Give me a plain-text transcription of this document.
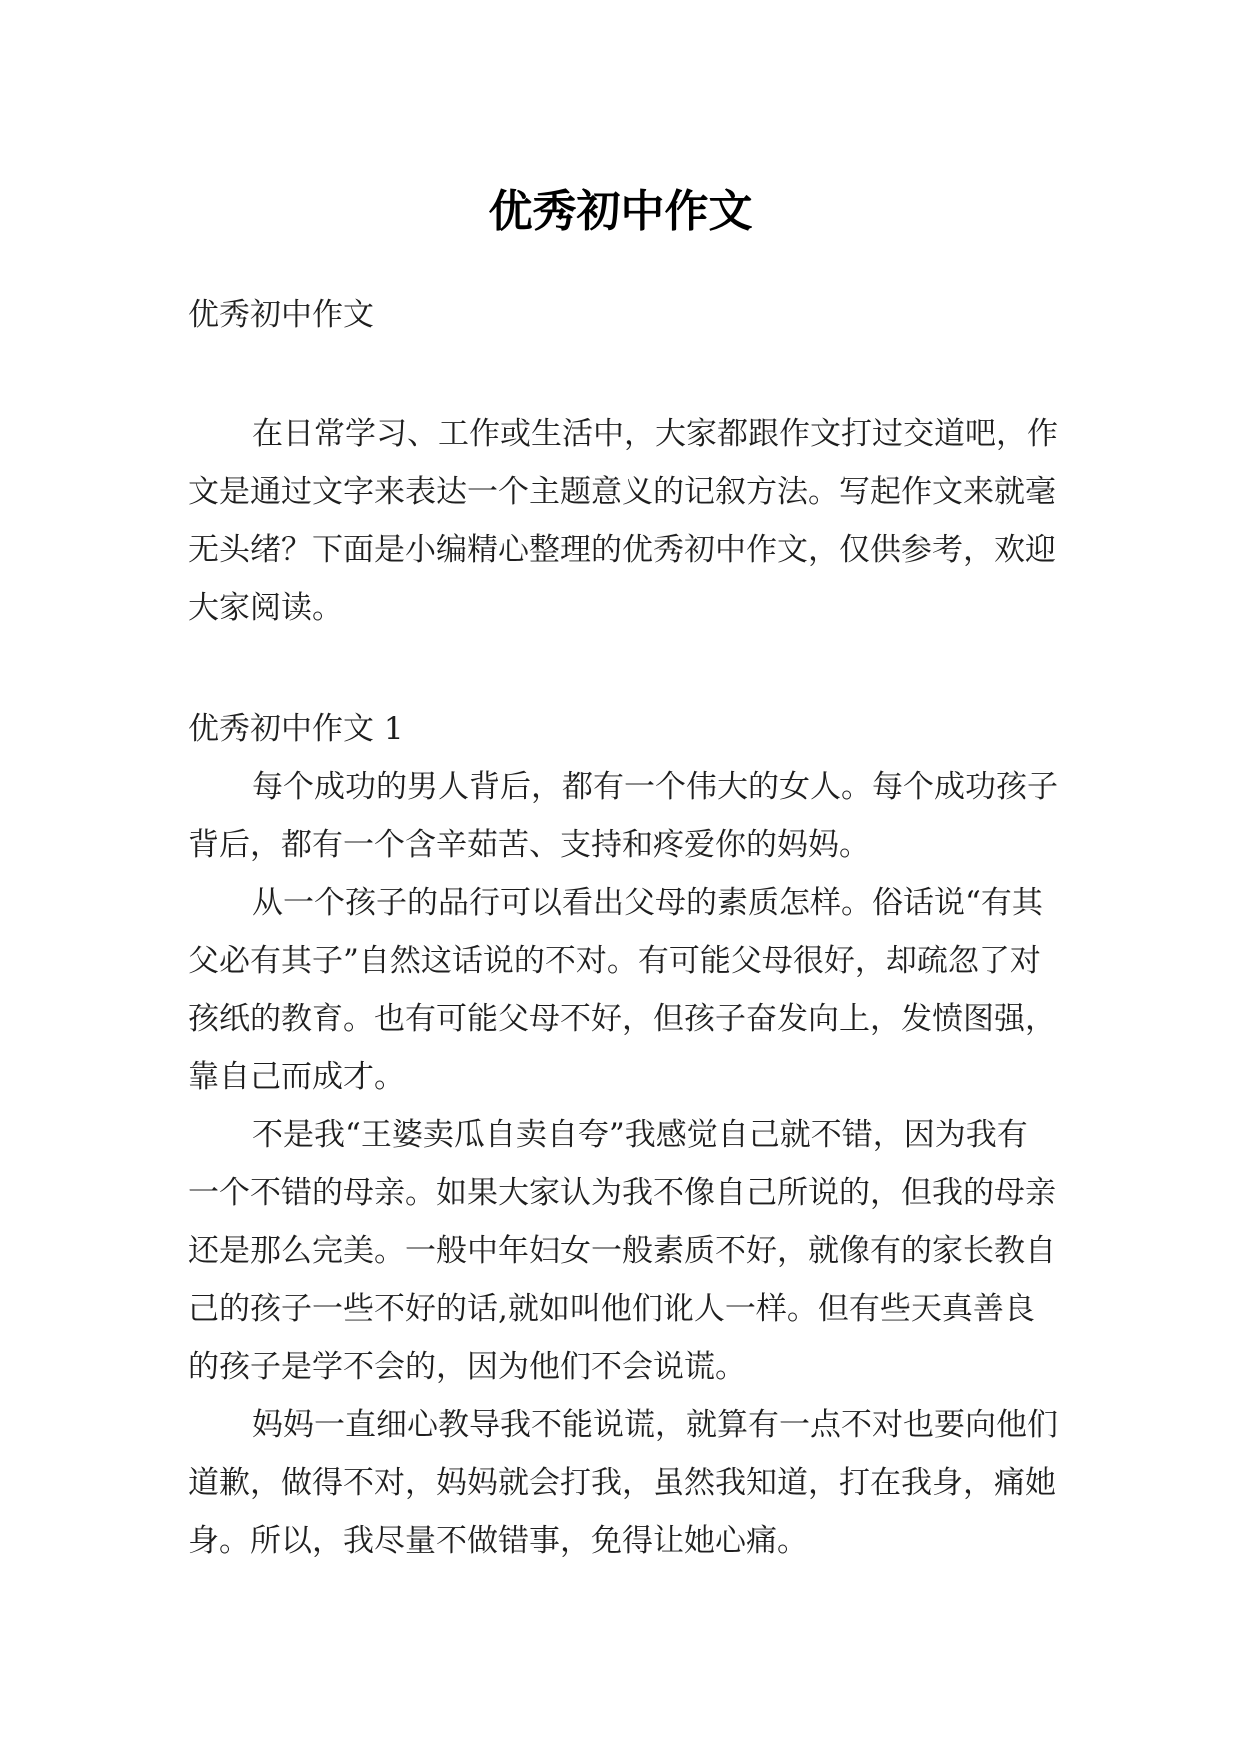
优秀初中作文

优秀初中作文

在日常学习、工作或生活中，大家都跟作文打过交道吧，作文是通过文字来表达一个主题意义的记叙方法。写起作文来就毫无头绪？下面是小编精心整理的优秀初中作文，仅供参考，欢迎大家阅读。

优秀初中作文 1

每个成功的男人背后，都有一个伟大的女人。每个成功孩子背后，都有一个含辛茹苦、支持和疼爱你的妈妈。

从一个孩子的品行可以看出父母的素质怎样。俗话说“有其父必有其子”自然这话说的不对。有可能父母很好，却疏忽了对孩纸的教育。也有可能父母不好，但孩子奋发向上，发愤图强，靠自己而成才。

不是我“王婆卖瓜自卖自夸”我感觉自己就不错，因为我有一个不错的母亲。如果大家认为我不像自己所说的，但我的母亲还是那么完美。一般中年妇女一般素质不好，就像有的家长教自己的孩子一些不好的话,就如叫他们讹人一样。但有些天真善良的孩子是学不会的，因为他们不会说谎。

妈妈一直细心教导我不能说谎，就算有一点不对也要向他们道歉，做得不对，妈妈就会打我，虽然我知道，打在我身，痛她身。所以，我尽量不做错事，免得让她心痛。
